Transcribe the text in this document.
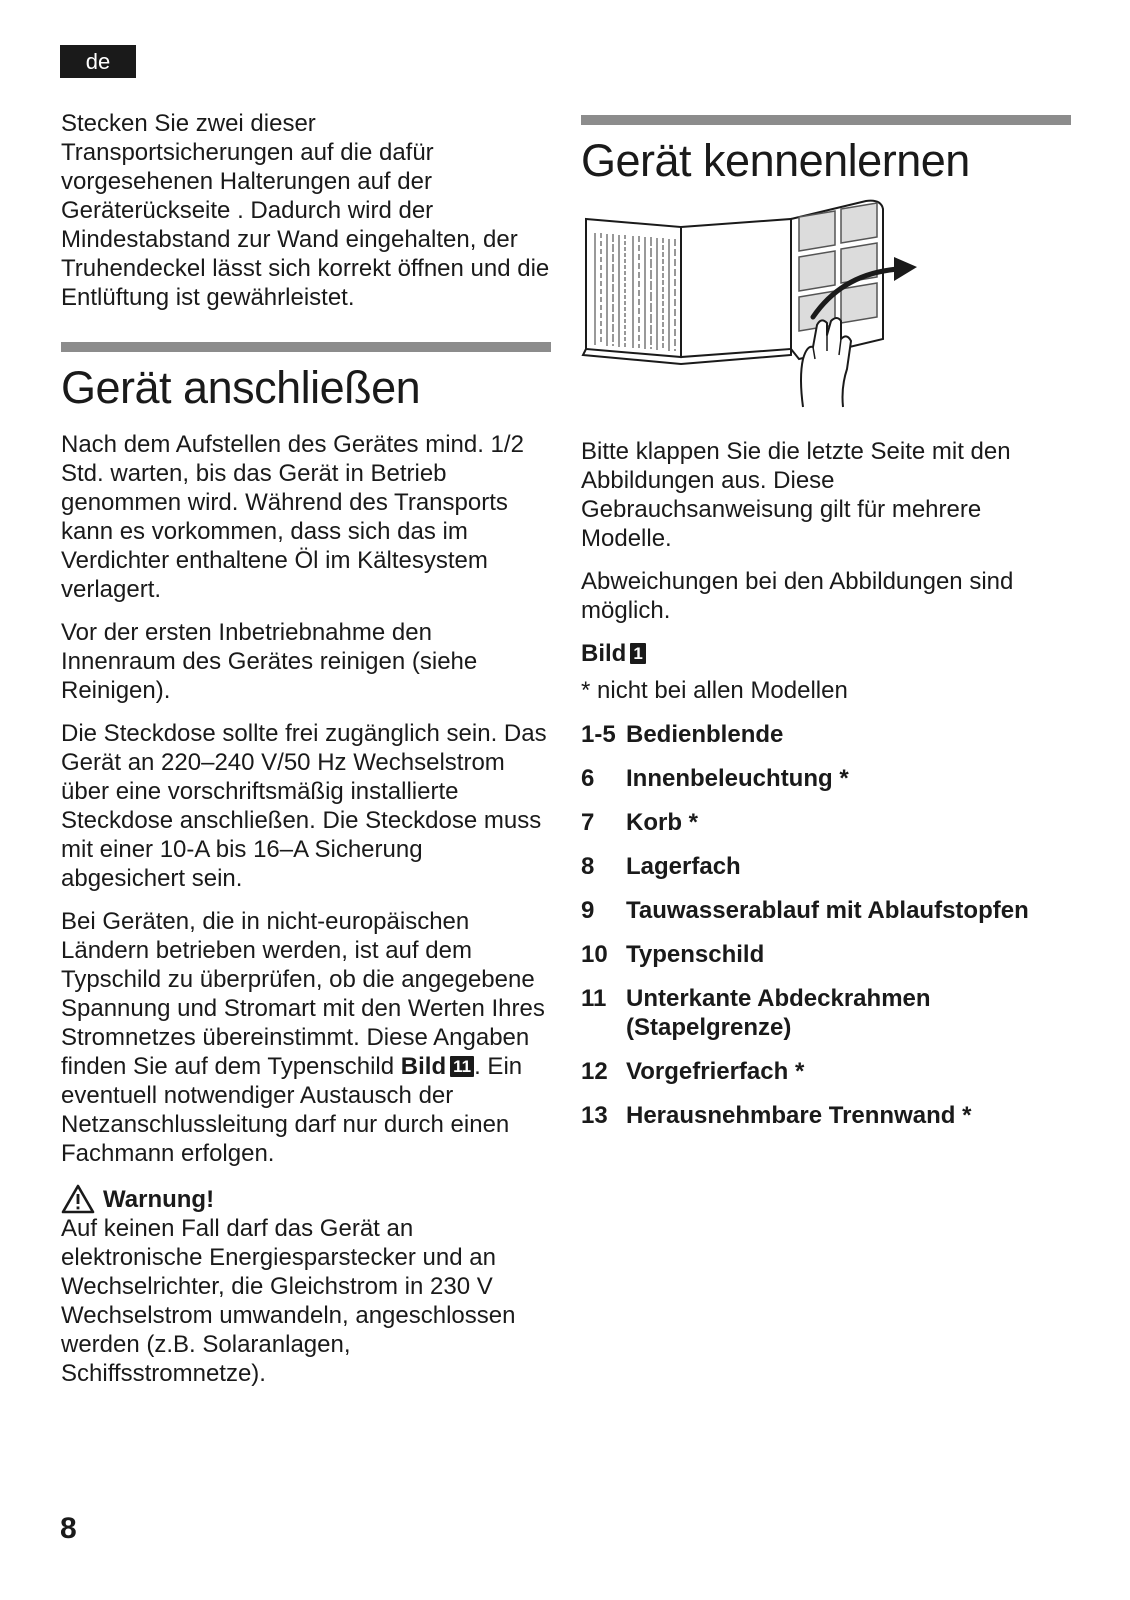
de

Stecken Sie zwei dieser Transportsicherungen auf die dafür vorgesehenen Halterungen auf der Geräterückseite . Dadurch wird der Mindestabstand zur Wand eingehalten, der Truhendeckel lässt sich korrekt öffnen und die Entlüftung ist gewährleistet.

Gerät anschließen

Nach dem Aufstellen des Gerätes mind. 1/2 Std. warten, bis das Gerät in Betrieb genommen wird. Während des Transports kann es vorkommen, dass sich das im Verdichter enthaltene Öl im Kältesystem verlagert.

Vor der ersten Inbetriebnahme den Innenraum des Gerätes reinigen (siehe Reinigen).

Die Steckdose sollte frei zugänglich sein. Das Gerät an 220–240 V/50 Hz Wechselstrom über eine vorschriftsmäßig installierte Steckdose anschließen. Die Steckdose muss mit einer 10-A bis 16–A Sicherung abgesichert sein.

Bei Geräten, die in nicht-europäischen Ländern betrieben werden, ist auf dem Typschild zu überprüfen, ob die angegebene Spannung und Stromart mit den Werten Ihres Stromnetzes übereinstimmt. Diese Angaben finden Sie auf dem Typenschild Bild 11 . Ein eventuell notwendiger Austausch der Netzanschlussleitung darf nur durch einen Fachmann erfolgen.

Warnung!

Auf keinen Fall darf das Gerät an elektronische Energiesparstecker und an Wechselrichter, die Gleichstrom in 230 V Wechselstrom umwandeln, angeschlossen werden (z.B. Solaranlagen, Schiffsstromnetze).

Gerät kennenlernen

Bitte klappen Sie die letzte Seite mit den Abbildungen aus. Diese Gebrauchsanweisung gilt für mehrere Modelle.

Abweichungen bei den Abbildungen sind möglich.

Bild 1
* nicht bei allen Modellen
1-5 Bedienblende
6	Innenbeleuchtung *
7	Korb *
8	Lagerfach
9	Tauwasserablauf mit Ablaufstopfen
10 Typenschild
11 Unterkante Abdeckrahmen (Stapelgrenze)
12 Vorgefrierfach *
13 Herausnehmbare Trennwand *
8
